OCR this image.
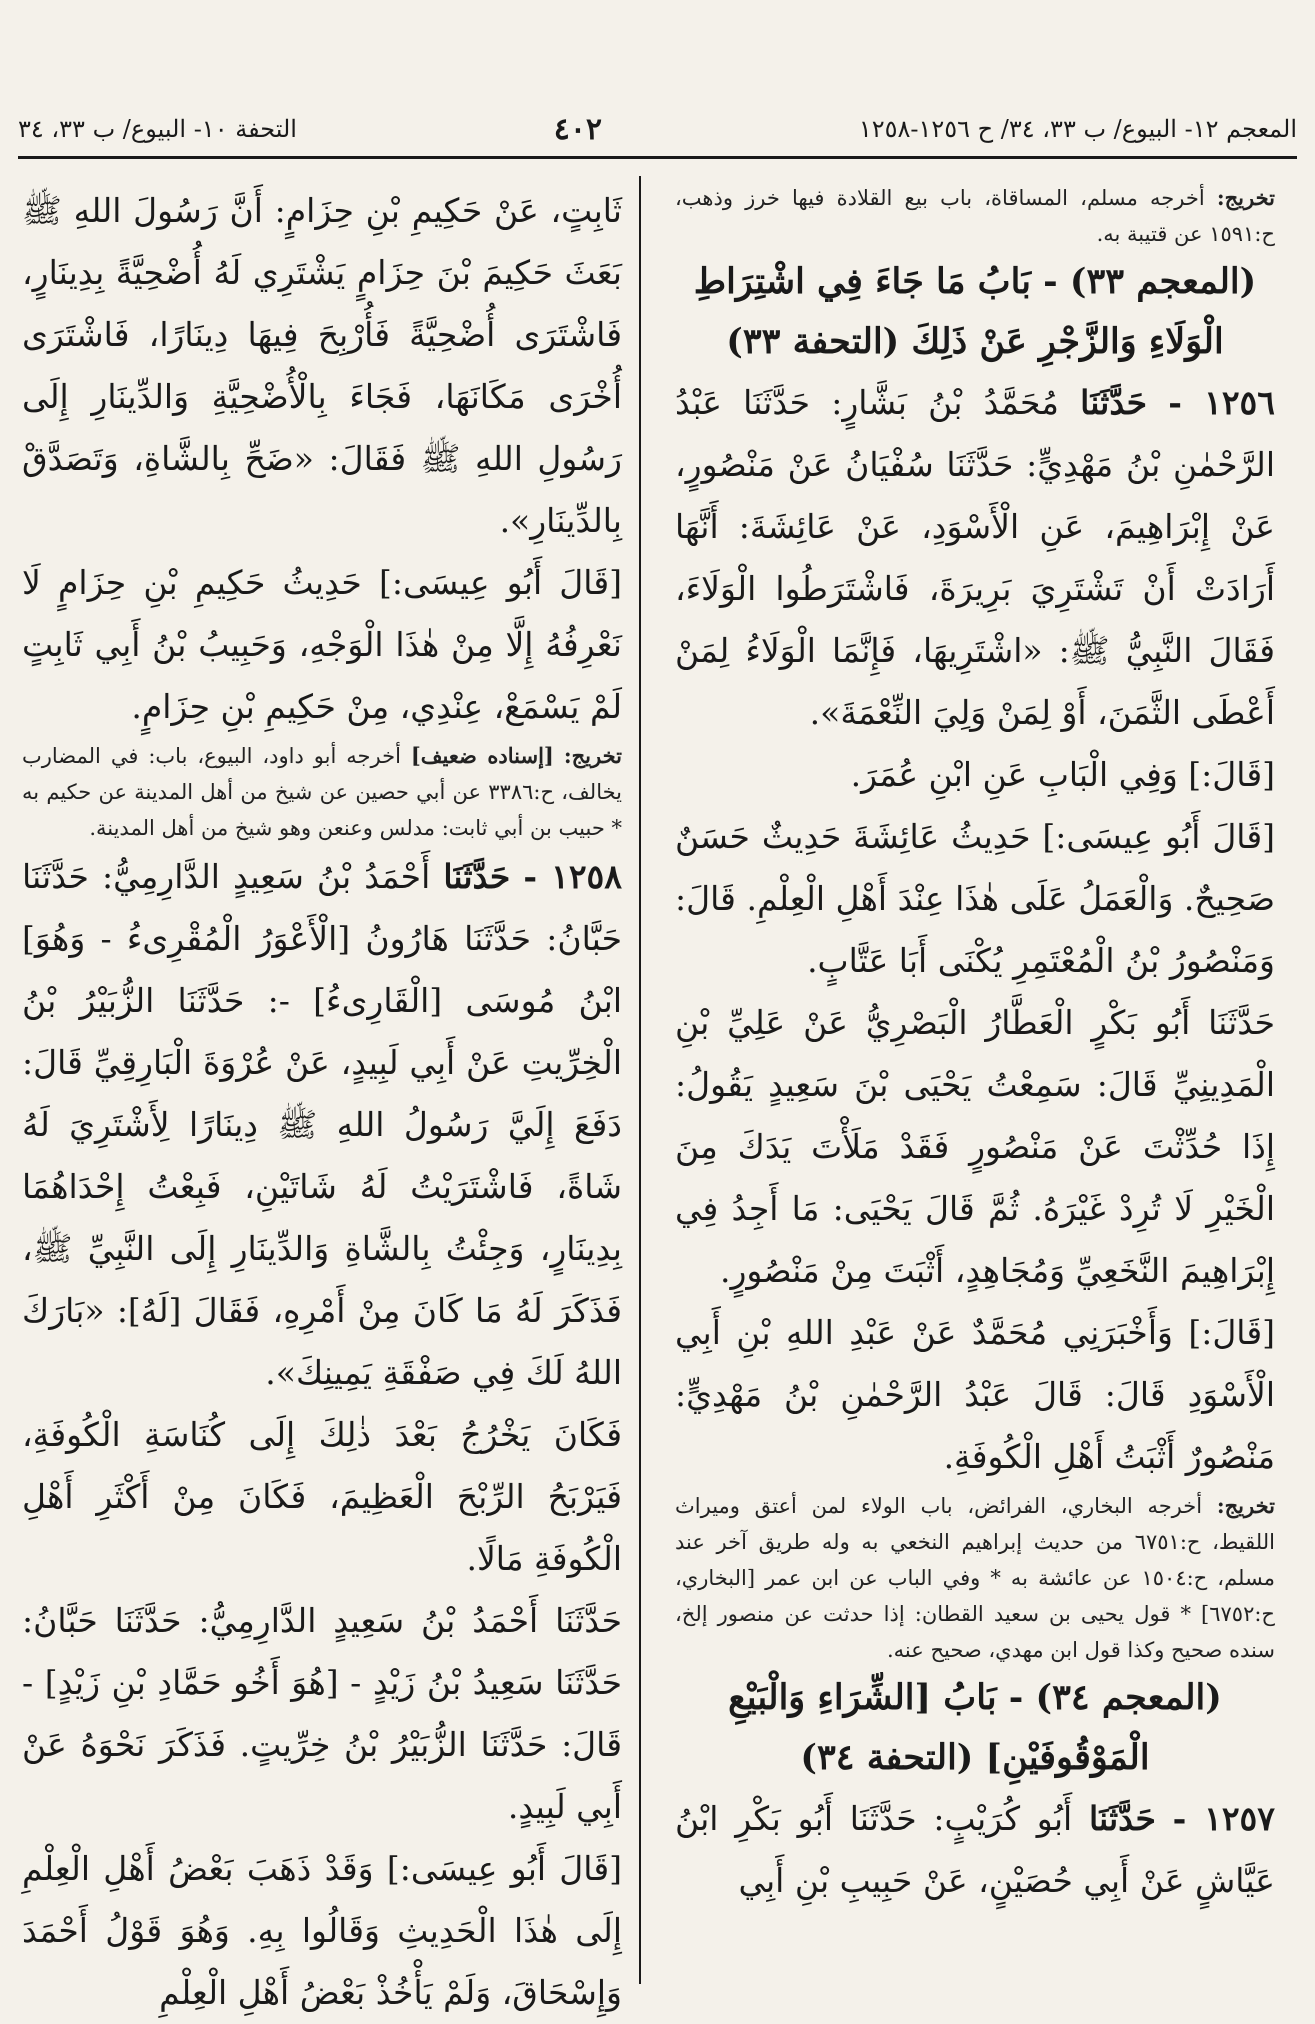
المعجم ١٢- البيوع/ ب ٣٣، ٣٤/ ح ١٢٥٦-١٢٥٨
٤٠٢
التحفة ١٠- البيوع/ ب ٣٣، ٣٤

تخريج: أخرجه مسلم، المساقاة، باب بيع القلادة فيها خرز وذهب، ح:١٥٩١ عن قتيبة به.

(المعجم ٣٣) - بَابُ مَا جَاءَ فِي اشْتِرَاطِ

الْوَلَاءِ وَالزَّجْرِ عَنْ ذَلِكَ (التحفة ٣٣)

١٢٥٦ - حَدَّثَنَا مُحَمَّدُ بْنُ بَشَّارٍ: حَدَّثَنَا عَبْدُ الرَّحْمٰنِ بْنُ مَهْدِيٍّ: حَدَّثَنَا سُفْيَانُ عَنْ مَنْصُورٍ، عَنْ إِبْرَاهِيمَ، عَنِ الْأَسْوَدِ، عَنْ عَائِشَةَ: أَنَّهَا أَرَادَتْ أَنْ تَشْتَرِيَ بَرِيرَةَ، فَاشْتَرَطُوا الْوَلَاءَ، فَقَالَ النَّبِيُّ ﷺ: «اشْتَرِيهَا، فَإِنَّمَا الْوَلَاءُ لِمَنْ أَعْطَى الثَّمَنَ، أَوْ لِمَنْ وَلِيَ النِّعْمَةَ».

[قَالَ:] وَفِي الْبَابِ عَنِ ابْنِ عُمَرَ.

[قَالَ أَبُو عِيسَى:] حَدِيثُ عَائِشَةَ حَدِيثٌ حَسَنٌ صَحِيحٌ. وَالْعَمَلُ عَلَى هٰذَا عِنْدَ أَهْلِ الْعِلْمِ. قَالَ: وَمَنْصُورُ بْنُ الْمُعْتَمِرِ يُكْنَى أَبَا عَتَّابٍ.

حَدَّثَنَا أَبُو بَكْرٍ الْعَطَّارُ الْبَصْرِيُّ عَنْ عَلِيِّ بْنِ الْمَدِينِيِّ قَالَ: سَمِعْتُ يَحْيَى بْنَ سَعِيدٍ يَقُولُ: إِذَا حُدِّثْتَ عَنْ مَنْصُورٍ فَقَدْ مَلَأْتَ يَدَكَ مِنَ الْخَيْرِ لَا تُرِدْ غَيْرَهُ. ثُمَّ قَالَ يَحْيَى: مَا أَجِدُ فِي إِبْرَاهِيمَ النَّخَعِيِّ وَمُجَاهِدٍ، أَثْبَتَ مِنْ مَنْصُورٍ.

[قَالَ:] وَأَخْبَرَنِي مُحَمَّدٌ عَنْ عَبْدِ اللهِ بْنِ أَبِي الْأَسْوَدِ قَالَ: قَالَ عَبْدُ الرَّحْمٰنِ بْنُ مَهْدِيٍّ: مَنْصُورٌ أَثْبَتُ أَهْلِ الْكُوفَةِ.

تخريج: أخرجه البخاري، الفرائض، باب الولاء لمن أعتق وميراث اللقيط، ح:٦٧٥١ من حديث إبراهيم النخعي به وله طريق آخر عند مسلم، ح:١٥٠٤ عن عائشة به * وفي الباب عن ابن عمر [البخاري، ح:٦٧٥٢] * قول يحيى بن سعيد القطان: إذا حدثت عن منصور إلخ، سنده صحيح وكذا قول ابن مهدي، صحيح عنه.

(المعجم ٣٤) - بَابُ [الشِّرَاءِ وَالْبَيْعِ

الْمَوْقُوفَيْنِ] (التحفة ٣٤)

١٢٥٧ - حَدَّثَنَا أَبُو كُرَيْبٍ: حَدَّثَنَا أَبُو بَكْرِ ابْنُ عَيَّاشٍ عَنْ أَبِي حُصَيْنٍ، عَنْ حَبِيبِ بْنِ أَبِي

ثَابِتٍ، عَنْ حَكِيمِ بْنِ حِزَامٍ: أَنَّ رَسُولَ اللهِ ﷺ بَعَثَ حَكِيمَ بْنَ حِزَامٍ يَشْتَرِي لَهُ أُضْحِيَّةً بِدِينَارٍ، فَاشْتَرَى أُضْحِيَّةً فَأُرْبِحَ فِيهَا دِينَارًا، فَاشْتَرَى أُخْرَى مَكَانَهَا، فَجَاءَ بِالْأُضْحِيَّةِ وَالدِّينَارِ إِلَى رَسُولِ اللهِ ﷺ فَقَالَ: «ضَحِّ بِالشَّاةِ، وَتَصَدَّقْ بِالدِّينَارِ».

[قَالَ أَبُو عِيسَى:] حَدِيثُ حَكِيمِ بْنِ حِزَامٍ لَا نَعْرِفُهُ إِلَّا مِنْ هٰذَا الْوَجْهِ، وَحَبِيبُ بْنُ أَبِي ثَابِتٍ لَمْ يَسْمَعْ، عِنْدِي، مِنْ حَكِيمِ بْنِ حِزَامٍ.

تخريج: [إسناده ضعيف] أخرجه أبو داود، البيوع، باب: في المضارب يخالف، ح:٣٣٨٦ عن أبي حصين عن شيخ من أهل المدينة عن حكيم به * حبيب بن أبي ثابت: مدلس وعنعن وهو شيخ من أهل المدينة.

١٢٥٨ - حَدَّثَنَا أَحْمَدُ بْنُ سَعِيدٍ الدَّارِمِيُّ: حَدَّثَنَا حَبَّانُ: حَدَّثَنَا هَارُونُ [الْأَعْوَرُ الْمُقْرِىءُ - وَهُوَ] ابْنُ مُوسَى [الْقَارِىءُ] -: حَدَّثَنَا الزُّبَيْرُ بْنُ الْخِرِّيتِ عَنْ أَبِي لَبِيدٍ، عَنْ عُرْوَةَ الْبَارِقِيِّ قَالَ: دَفَعَ إِلَيَّ رَسُولُ اللهِ ﷺ دِينَارًا لِأَشْتَرِيَ لَهُ شَاةً، فَاشْتَرَيْتُ لَهُ شَاتَيْنِ، فَبِعْتُ إِحْدَاهُمَا بِدِينَارٍ، وَجِئْتُ بِالشَّاةِ وَالدِّينَارِ إِلَى النَّبِيِّ ﷺ، فَذَكَرَ لَهُ مَا كَانَ مِنْ أَمْرِهِ، فَقَالَ [لَهُ]: «بَارَكَ اللهُ لَكَ فِي صَفْقَةِ يَمِينِكَ».

فَكَانَ يَخْرُجُ بَعْدَ ذٰلِكَ إِلَى كُنَاسَةِ الْكُوفَةِ، فَيَرْبَحُ الرِّبْحَ الْعَظِيمَ، فَكَانَ مِنْ أَكْثَرِ أَهْلِ الْكُوفَةِ مَالًا.

حَدَّثَنَا أَحْمَدُ بْنُ سَعِيدٍ الدَّارِمِيُّ: حَدَّثَنَا حَبَّانُ: حَدَّثَنَا سَعِيدُ بْنُ زَيْدٍ - [هُوَ أَخُو حَمَّادِ بْنِ زَيْدٍ] - قَالَ: حَدَّثَنَا الزُّبَيْرُ بْنُ خِرِّيتٍ. فَذَكَرَ نَحْوَهُ عَنْ أَبِي لَبِيدٍ.

[قَالَ أَبُو عِيسَى:] وَقَدْ ذَهَبَ بَعْضُ أَهْلِ الْعِلْمِ إِلَى هٰذَا الْحَدِيثِ وَقَالُوا بِهِ. وَهُوَ قَوْلُ أَحْمَدَ وَإِسْحَاقَ، وَلَمْ يَأْخُذْ بَعْضُ أَهْلِ الْعِلْمِ
